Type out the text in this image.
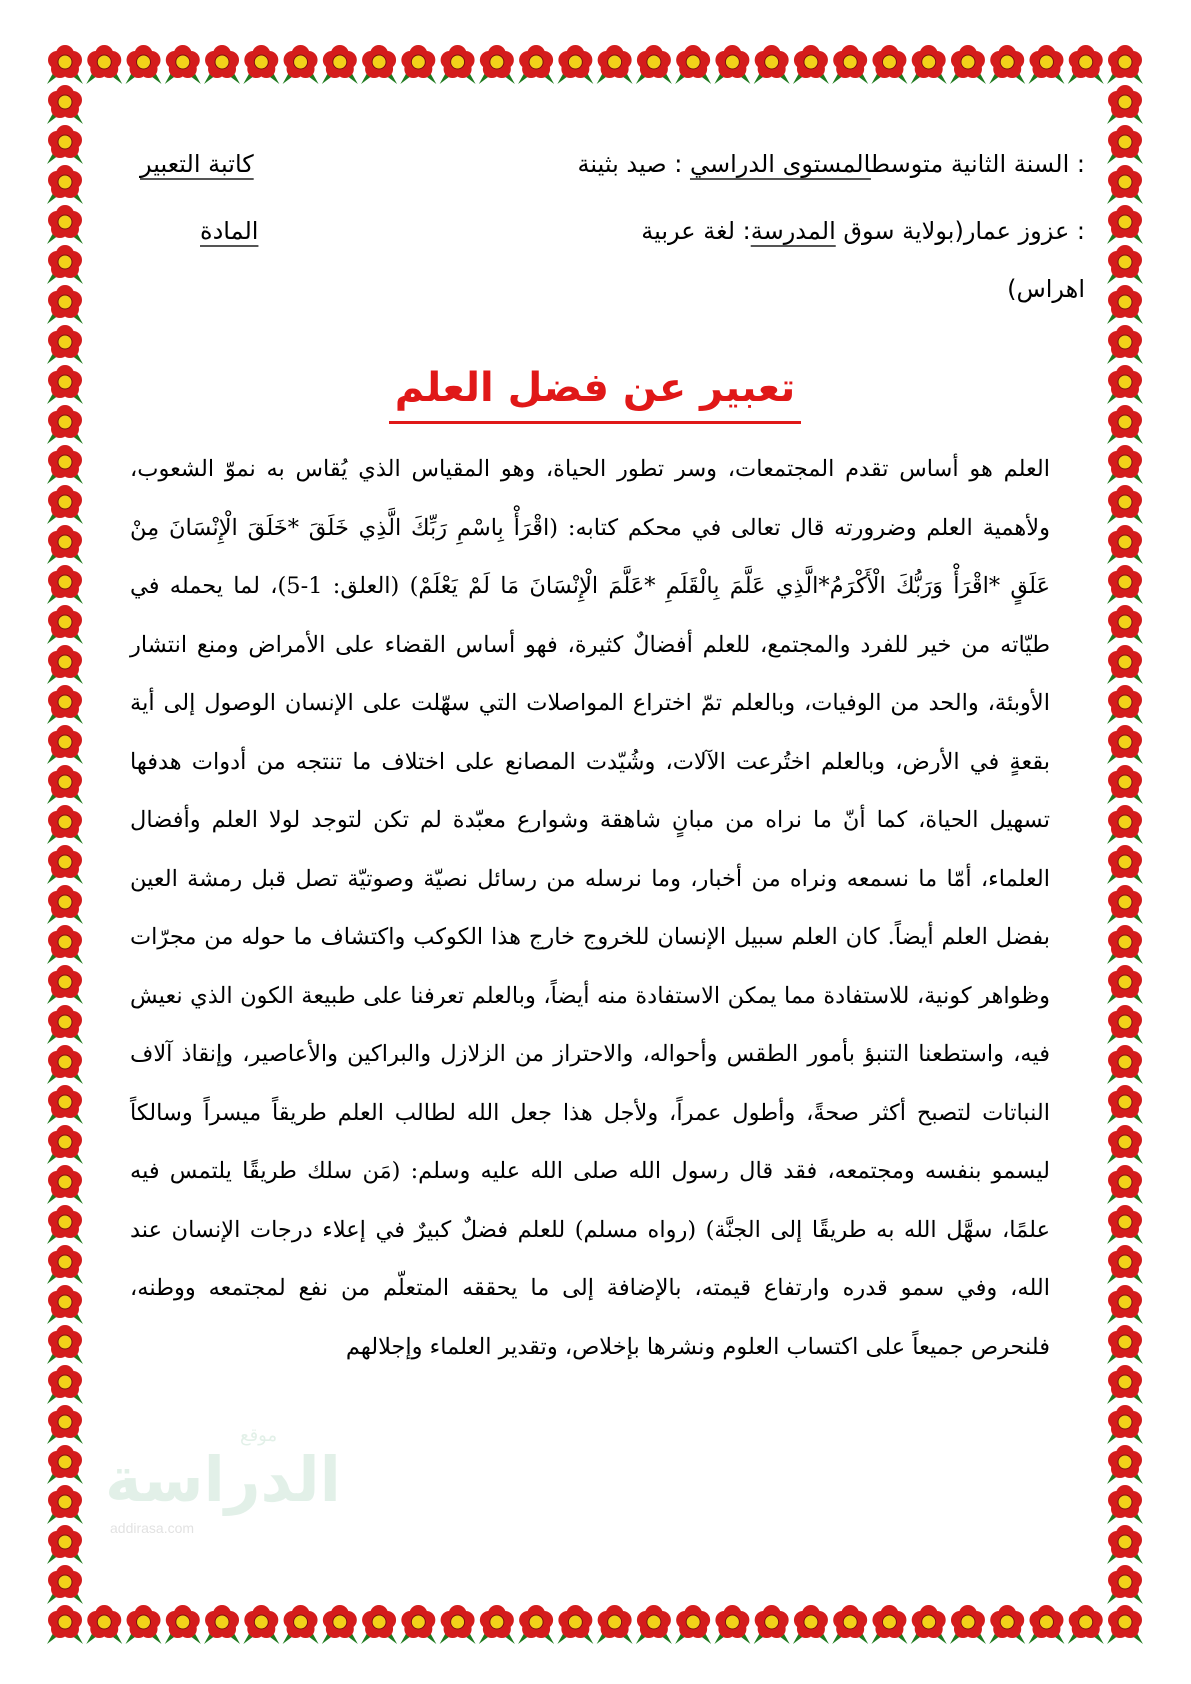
: السنة الثانية متوسطالمستوى الدراسي : صيد بثينة
كاتبة التعبير
: عزوز عمار(بولاية سوق المدرسة: لغة عربية
المادة
اهراس)
تعبير عن فضل العلم
العلم هو أساس تقدم المجتمعات، وسر تطور الحياة، وهو المقياس الذي يُقاس به نموّ الشعوب، ولأهمية العلم وضرورته قال تعالى في محكم كتابه: (اقْرَأْ بِاسْمِ رَبِّكَ الَّذِي خَلَقَ *خَلَقَ الْإِنْسَانَ مِنْ عَلَقٍ *اقْرَأْ وَرَبُّكَ الْأَكْرَمُ*الَّذِي عَلَّمَ بِالْقَلَمِ *عَلَّمَ الْإِنْسَانَ مَا لَمْ يَعْلَمْ) (العلق: 1-5)، لما يحمله في طيّاته من خير للفرد والمجتمع، للعلم أفضالٌ كثيرة، فهو أساس القضاء على الأمراض ومنع انتشار الأوبئة، والحد من الوفيات، وبالعلم تمّ اختراع المواصلات التي سهّلت على الإنسان الوصول إلى أية بقعةٍ في الأرض، وبالعلم اختُرعت الآلات، وشُيّدت المصانع على اختلاف ما تنتجه من أدوات هدفها تسهيل الحياة، كما أنّ ما نراه من مبانٍ شاهقة وشوارع معبّدة لم تكن لتوجد لولا العلم وأفضال العلماء، أمّا ما نسمعه ونراه من أخبار، وما نرسله من رسائل نصيّة وصوتيّة تصل قبل رمشة العين بفضل العلم أيضاً. كان العلم سبيل الإنسان للخروج خارج هذا الكوكب واكتشاف ما حوله من مجرّات وظواهر كونية، للاستفادة مما يمكن الاستفادة منه أيضاً، وبالعلم تعرفنا على طبيعة الكون الذي نعيش فيه، واستطعنا التنبؤ بأمور الطقس وأحواله، والاحتراز من الزلازل والبراكين والأعاصير، وإنقاذ آلاف النباتات لتصبح أكثر صحةً، وأطول عمراً، ولأجل هذا جعل الله لطالب العلم طريقاً ميسراً وسالكاً ليسمو بنفسه ومجتمعه، فقد قال رسول الله صلى الله عليه وسلم: (مَن سلك طريقًا يلتمس فيه علمًا، سهَّل الله به طريقًا إلى الجنَّة) (رواه مسلم) للعلم فضلٌ كبيرٌ في إعلاء درجات الإنسان عند الله، وفي سمو قدره وارتفاع قيمته، بالإضافة إلى ما يحققه المتعلّم من نفع لمجتمعه ووطنه، فلنحرص جميعاً على اكتساب العلوم ونشرها بإخلاص، وتقدير العلماء وإجلالهم
موقع
الدراسة
addirasa.com
